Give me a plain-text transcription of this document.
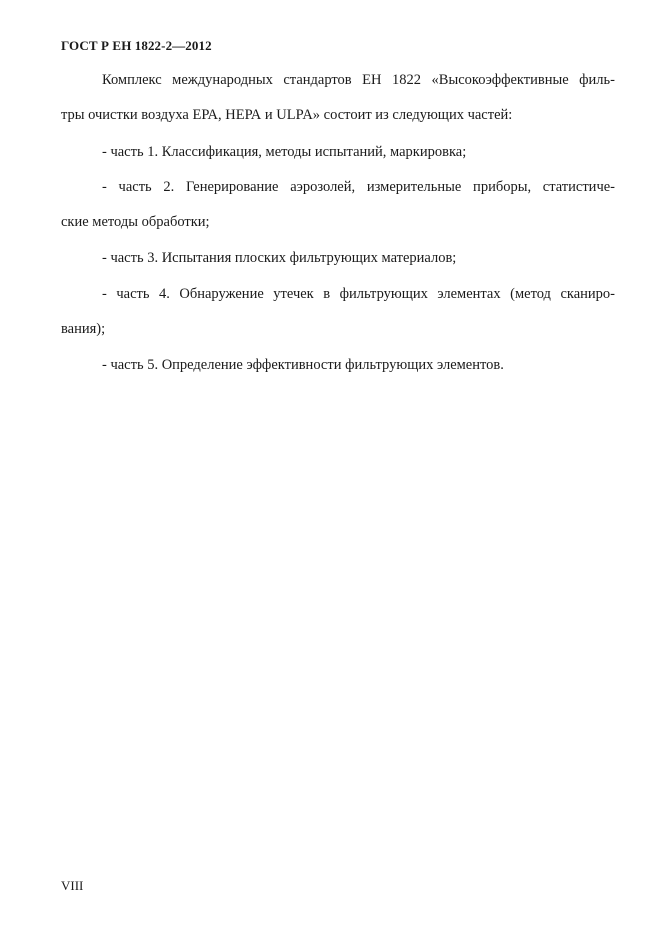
ГОСТ Р ЕН 1822-2—2012
Комплекс международных стандартов ЕН 1822 «Высокоэффективные филь-
тры очистки воздуха ЕРА, НЕРА и ULPA» состоит из следующих частей:
- часть 1. Классификация, методы испытаний, маркировка;
- часть 2. Генерирование аэрозолей, измерительные приборы, статистиче-
ские методы обработки;
- часть 3. Испытания плоских фильтрующих материалов;
- часть 4. Обнаружение утечек в фильтрующих элементах (метод сканиро-
вания);
- часть 5. Определение эффективности фильтрующих элементов.
VIII
